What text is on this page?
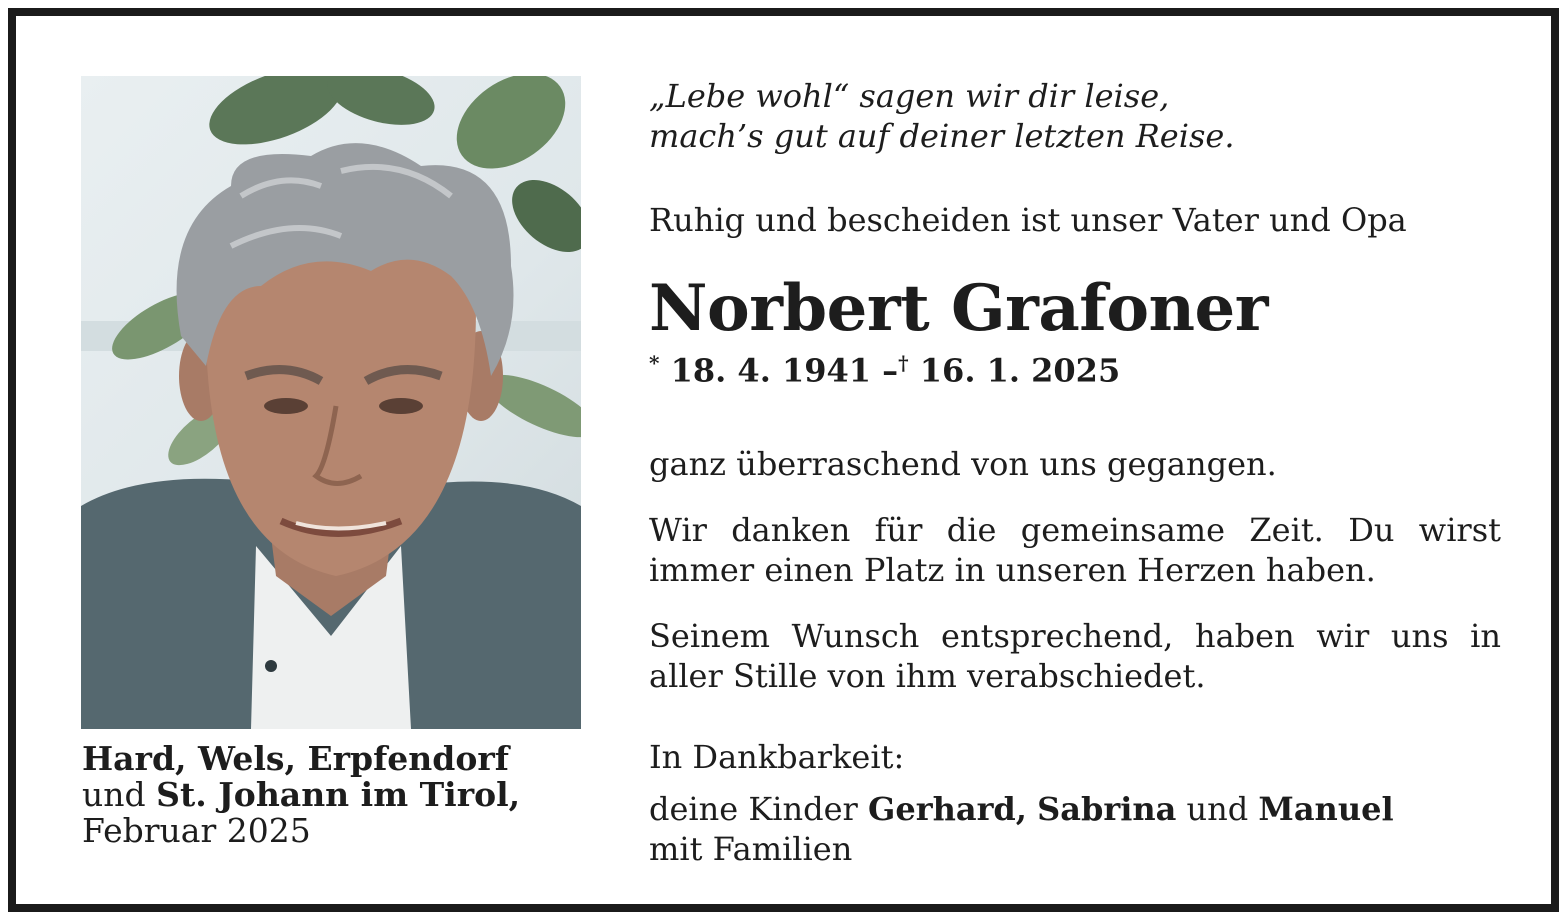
Hard, Wels, Erpfendorf
und St. Johann im Tirol,
Februar 2025

„Lebe wohl“ sagen wir dir leise,
mach’s gut auf deiner letzten Reise.

Ruhig und bescheiden ist unser Vater und Opa

Norbert Grafoner
* 18. 4. 1941 –† 16. 1. 2025

ganz überraschend von uns gegangen.

Wir danken für die gemeinsame Zeit. Du wirst immer einen Platz in unseren Herzen haben.

Seinem Wunsch entsprechend, haben wir uns in aller Stille von ihm verabschiedet.

In Dankbarkeit:
deine Kinder Gerhard, Sabrina und Manuel
mit Familien
